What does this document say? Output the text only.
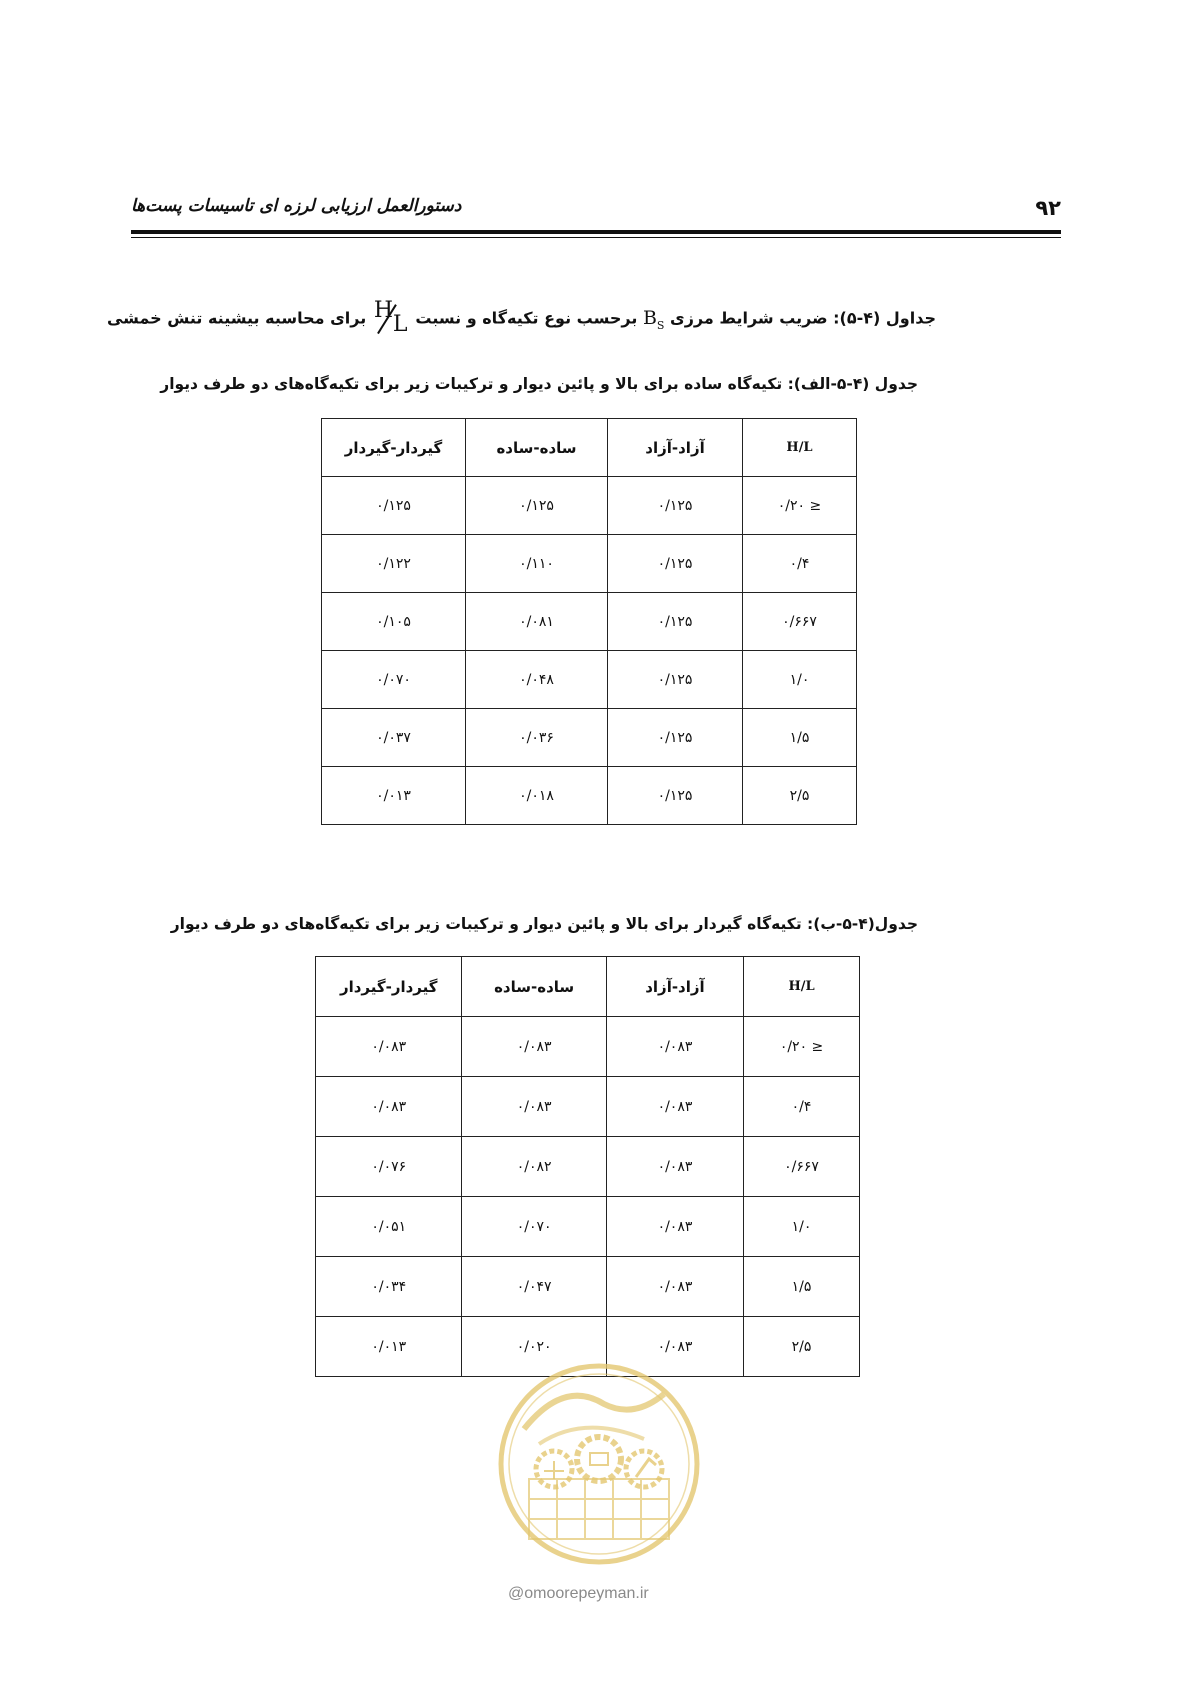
۹۲
دستورالعمل ارزیابی لرزه ای تاسیسات پست‌ها
جداول (۴-۵): ضریب شرایط مرزی $B_S$ برحسب نوع تکیه‌گاه و نسبت
H
L
برای محاسبه بیشینه تنش خمشی
جدول (۴-۵-الف): تکیه‌گاه ساده برای بالا و پائین دیوار و ترکیبات زیر برای تکیه‌گاه‌های دو طرف دیوار
H/L	آزاد-آزاد	ساده-ساده	گیردار-گیردار
≤ ۰/۲۰	۰/۱۲۵	۰/۱۲۵	۰/۱۲۵
۰/۴	۰/۱۲۵	۰/۱۱۰	۰/۱۲۲
۰/۶۶۷	۰/۱۲۵	۰/۰۸۱	۰/۱۰۵
۱/۰	۰/۱۲۵	۰/۰۴۸	۰/۰۷۰
۱/۵	۰/۱۲۵	۰/۰۳۶	۰/۰۳۷
۲/۵	۰/۱۲۵	۰/۰۱۸	۰/۰۱۳
جدول(۴-۵-ب): تکیه‌گاه گیردار برای بالا و پائین دیوار و ترکیبات زیر برای تکیه‌گاه‌های دو طرف دیوار
H/L	آزاد-آزاد	ساده-ساده	گیردار-گیردار
≤ ۰/۲۰	۰/۰۸۳	۰/۰۸۳	۰/۰۸۳
۰/۴	۰/۰۸۳	۰/۰۸۳	۰/۰۸۳
۰/۶۶۷	۰/۰۸۳	۰/۰۸۲	۰/۰۷۶
۱/۰	۰/۰۸۳	۰/۰۷۰	۰/۰۵۱
۱/۵	۰/۰۸۳	۰/۰۴۷	۰/۰۳۴
۲/۵	۰/۰۸۳	۰/۰۲۰	۰/۰۱۳
@omoorepeyman.ir
